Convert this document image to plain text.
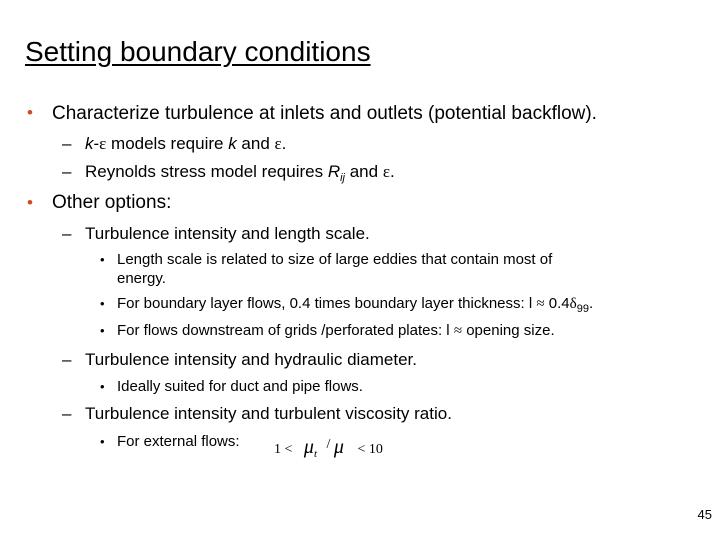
Setting boundary conditions
• Characterize turbulence at inlets and outlets (potential backflow).
– k-ε models require k and ε.
– Reynolds stress model requires $R_{ij}$ and ε.
• Other options:
– Turbulence intensity and length scale.
• Length scale is related to size of large eddies that contain most of
energy.
• For boundary layer flows, 0.4 times boundary layer thickness: $l \approx 0.4\delta_{99}$.
• For flows downstream of grids /perforated plates: l ≈ opening size.
– Turbulence intensity and hydraulic diameter.
• Ideally suited for duct and pipe flows.
– Turbulence intensity and turbulent viscosity ratio.
• For external flows: $1 < \mu_t / \mu < 10$
45
